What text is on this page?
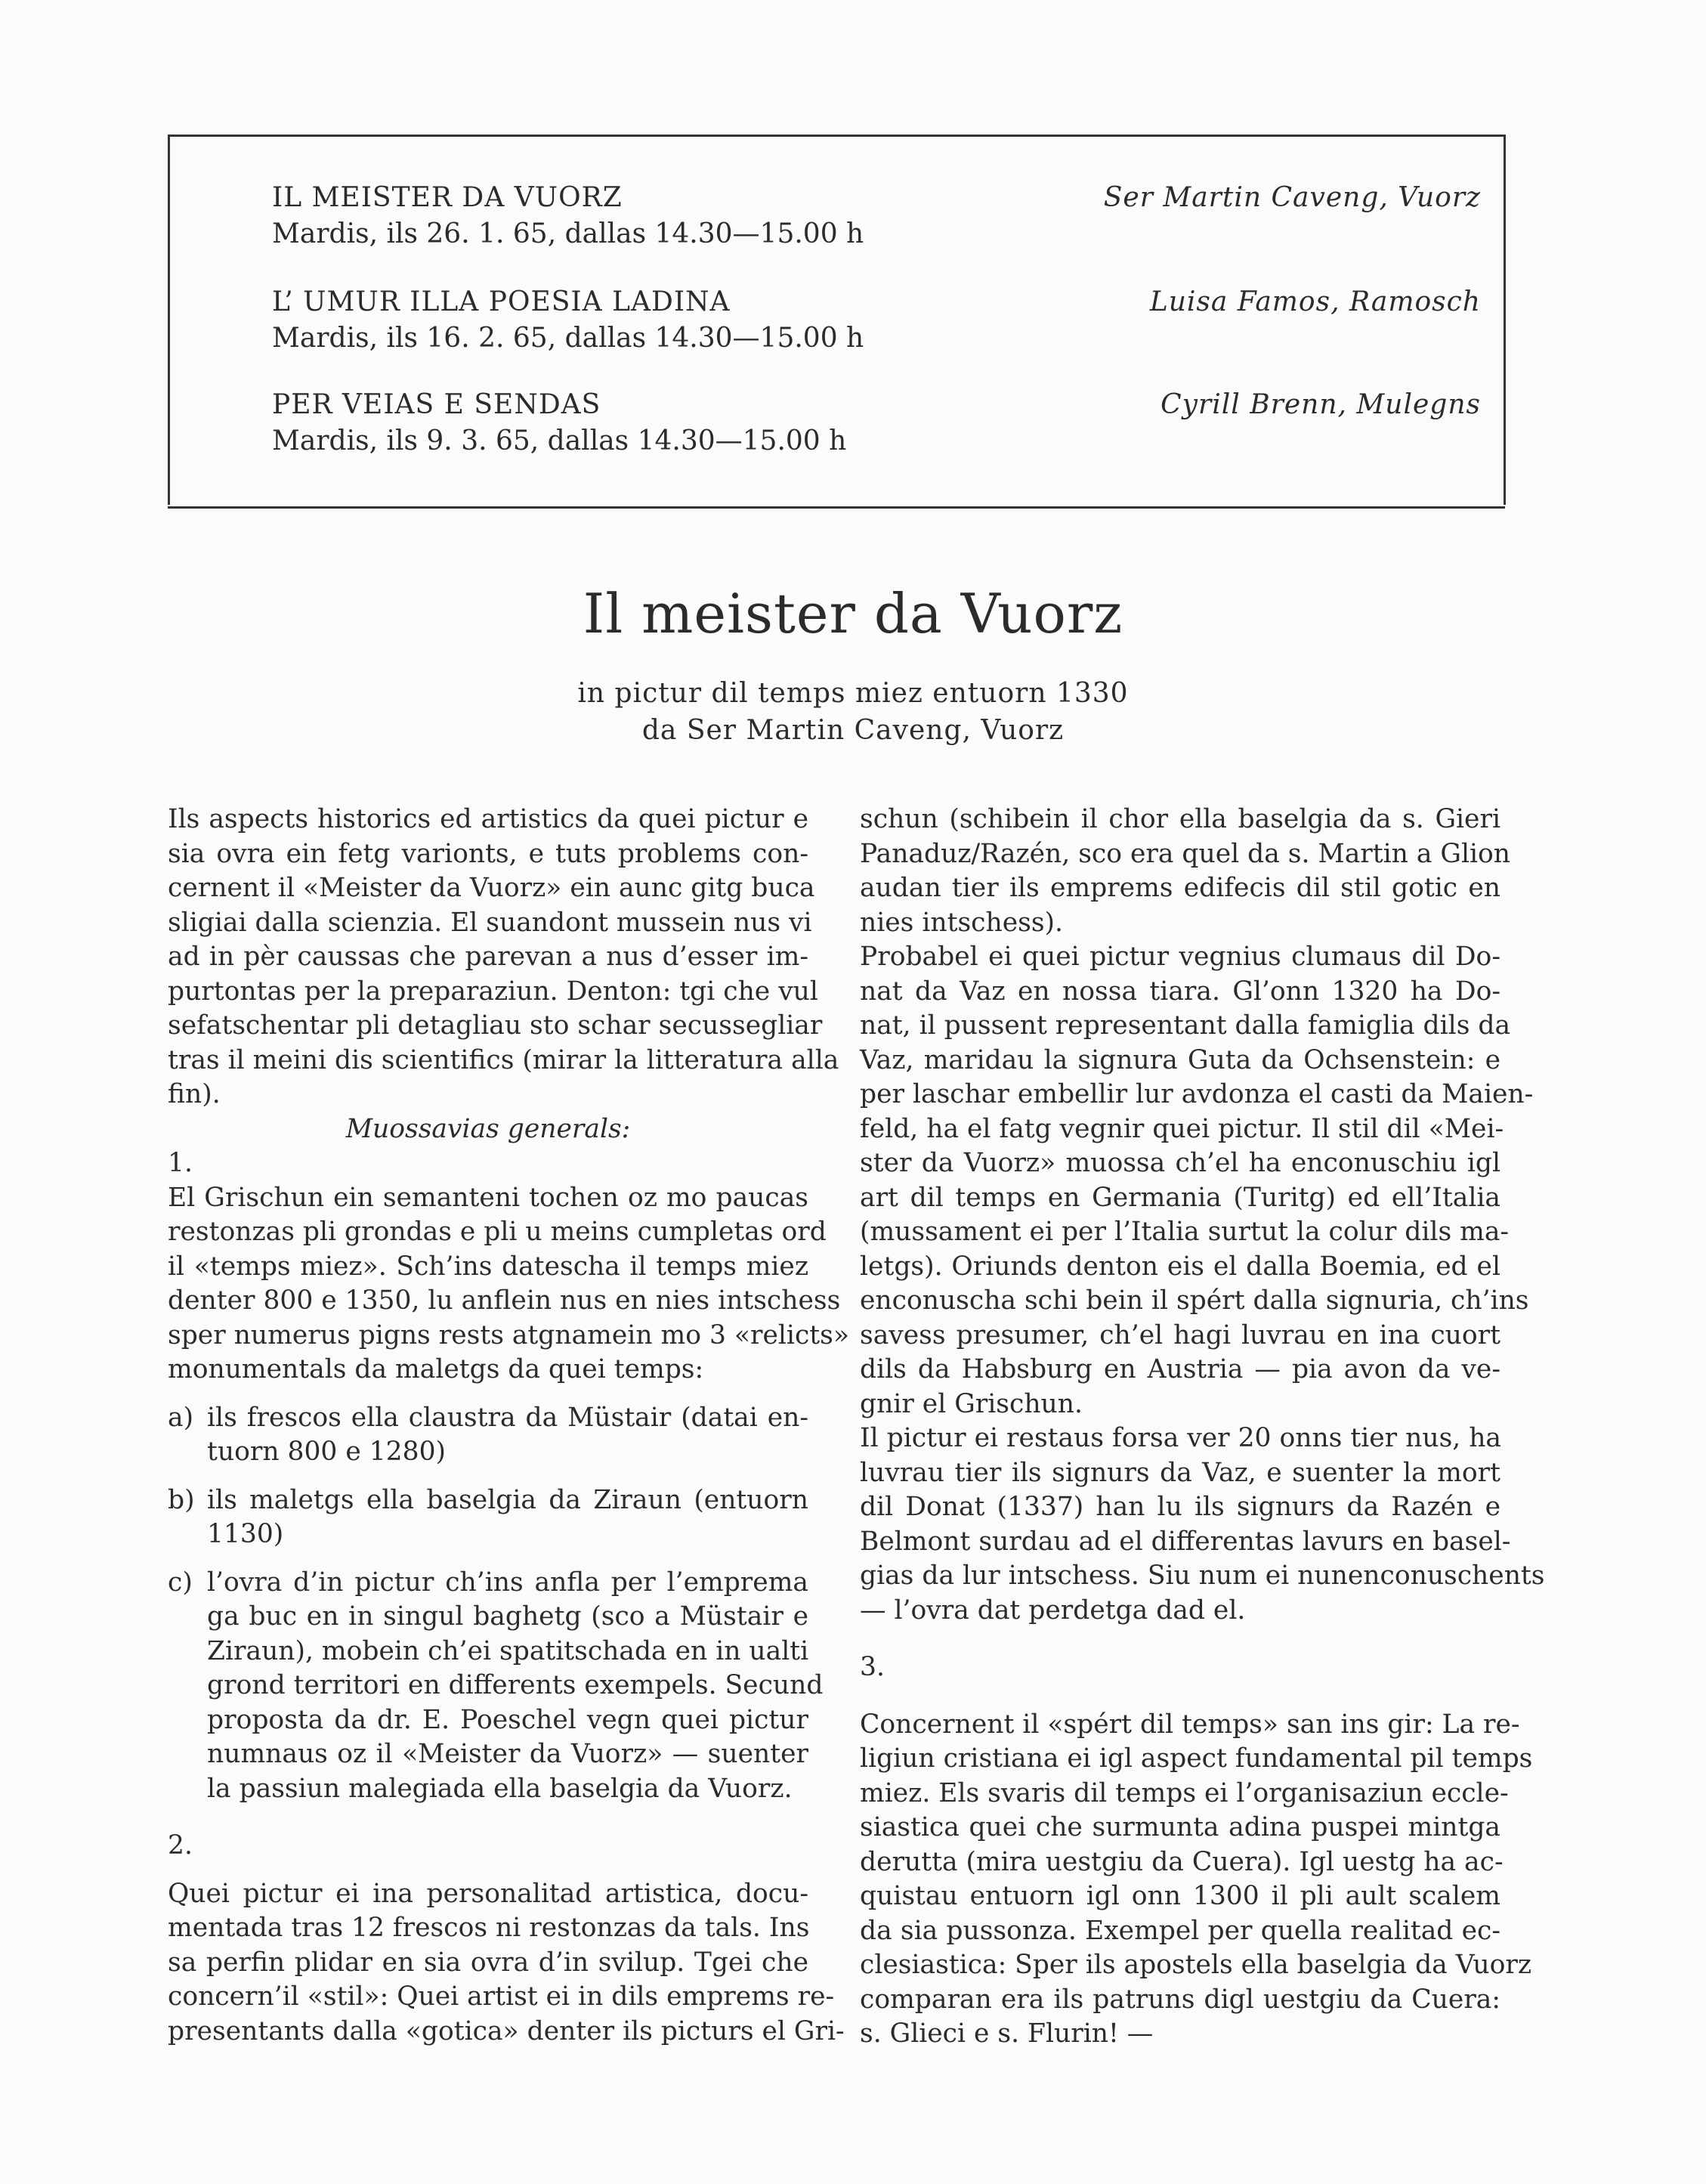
IL MEISTER DA VUORZ
Mardis, ils 26. 1. 65, dallas 14.30—15.00 h
Ser Martin Caveng, Vuorz
L’ UMUR ILLA POESIA LADINA
Mardis, ils 16. 2. 65, dallas 14.30—15.00 h
Luisa Famos, Ramosch
PER VEIAS E SENDAS
Mardis, ils 9. 3. 65, dallas 14.30—15.00 h
Cyrill Brenn, Mulegns
Il meister da Vuorz
in pictur dil temps miez entuorn 1330
da Ser Martin Caveng, Vuorz

Ils aspects historics ed artistics da quei pictur e
sia ovra ein fetg varionts, e tuts problems con-
cernent il «Meister da Vuorz» ein aunc gitg buca
sligiai dalla scienzia. El suandont mussein nus vi
ad in pèr caussas che parevan a nus d’esser im-
purtontas per la preparaziun. Denton: tgi che vul
sefatschentar pli detagliau sto schar secussegliar
tras il meini dis scientifics (mirar la litteratura alla
fin).

Muossavias generals:

1.

El Grischun ein semanteni tochen oz mo paucas
restonzas pli grondas e pli u meins cumpletas ord
il «temps miez». Sch’ins datescha il temps miez
denter 800 e 1350, lu anflein nus en nies intschess
sper numerus pigns rests atgnamein mo 3 «relicts»
monumentals da maletgs da quei temps:

a) ils frescos ella claustra da Müstair (datai en-
tuorn 800 e 1280)
b) ils maletgs ella baselgia da Ziraun (entuorn
1130)
c) l’ovra d’in pictur ch’ins anfla per l’emprema
ga buc en in singul baghetg (sco a Müstair e
Ziraun), mobein ch’ei spatitschada en in ualti
grond territori en differents exempels. Secund
proposta da dr. E. Poeschel vegn quei pictur
numnaus oz il «Meister da Vuorz» — suenter
la passiun malegiada ella baselgia da Vuorz.

2.

Quei pictur ei ina personalitad artistica, docu-
mentada tras 12 frescos ni restonzas da tals. Ins
sa perfin plidar en sia ovra d’in svilup. Tgei che
concern’il «stil»: Quei artist ei in dils emprems re-
presentants dalla «gotica» denter ils picturs el Gri-

schun (schibein il chor ella baselgia da s. Gieri
Panaduz/Razén, sco era quel da s. Martin a Glion
audan tier ils emprems edifecis dil stil gotic en
nies intschess).

Probabel ei quei pictur vegnius clumaus dil Do-
nat da Vaz en nossa tiara. Gl’onn 1320 ha Do-
nat, il pussent representant dalla famiglia dils da
Vaz, maridau la signura Guta da Ochsenstein: e
per laschar embellir lur avdonza el casti da Maien-
feld, ha el fatg vegnir quei pictur. Il stil dil «Mei-
ster da Vuorz» muossa ch’el ha enconuschiu igl
art dil temps en Germania (Turitg) ed ell’Italia
(mussament ei per l’Italia surtut la colur dils ma-
letgs). Oriunds denton eis el dalla Boemia, ed el
enconuscha schi bein il spért dalla signuria, ch’ins
savess presumer, ch’el hagi luvrau en ina cuort
dils da Habsburg en Austria — pia avon da ve-
gnir el Grischun.

Il pictur ei restaus forsa ver 20 onns tier nus, ha
luvrau tier ils signurs da Vaz, e suenter la mort
dil Donat (1337) han lu ils signurs da Razén e
Belmont surdau ad el differentas lavurs en basel-
gias da lur intschess. Siu num ei nunenconuschents
— l’ovra dat perdetga dad el.

3.

Concernent il «spért dil temps» san ins gir: La re-
ligiun cristiana ei igl aspect fundamental pil temps
miez. Els svaris dil temps ei l’organisaziun eccle-
siastica quei che surmunta adina puspei mintga
derutta (mira uestgiu da Cuera). Igl uestg ha ac-
quistau entuorn igl onn 1300 il pli ault scalem
da sia pussonza. Exempel per quella realitad ec-
clesiastica: Sper ils apostels ella baselgia da Vuorz
comparan era ils patruns digl uestgiu da Cuera:
s. Glieci e s. Flurin! —
